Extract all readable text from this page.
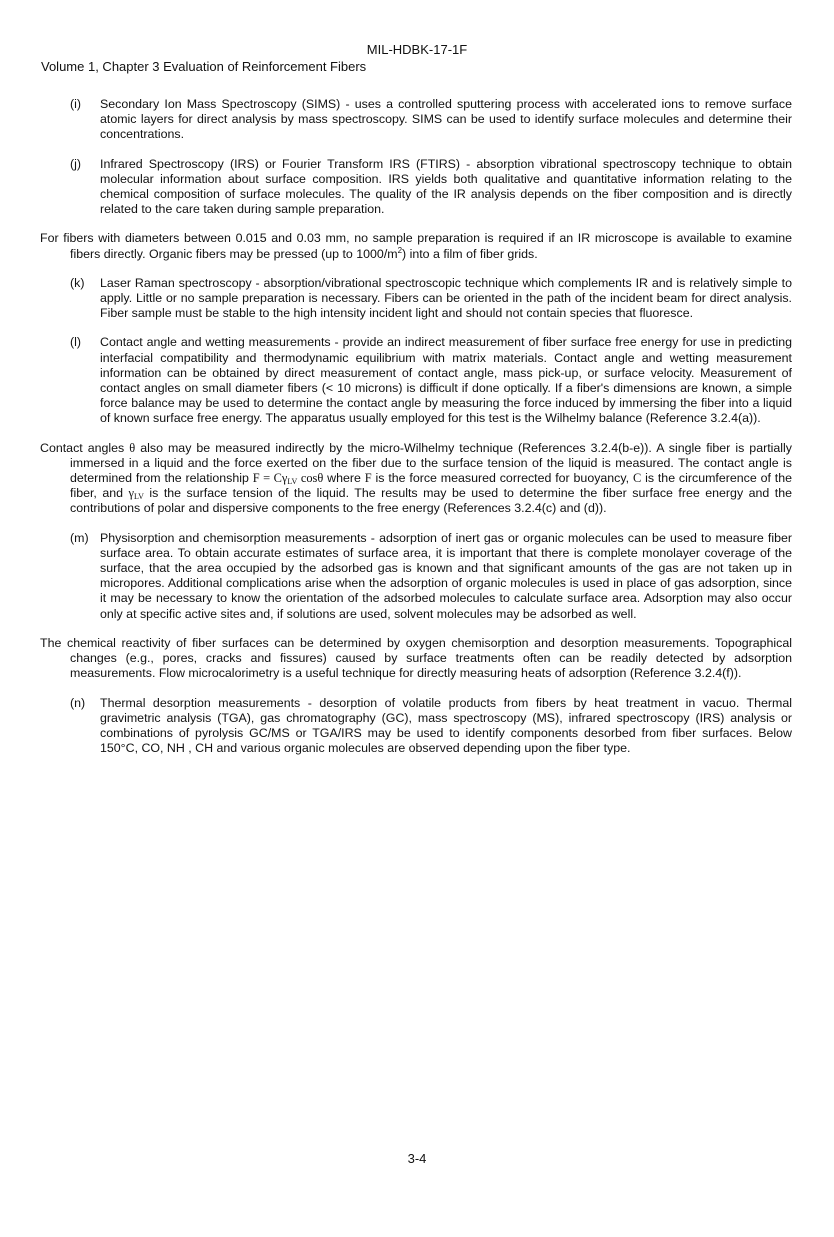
MIL-HDBK-17-1F
Volume 1, Chapter 3 Evaluation of Reinforcement Fibers
(i)	Secondary Ion Mass Spectroscopy (SIMS) - uses a controlled sputtering process with accelerated ions to remove surface atomic layers for direct analysis by mass spectroscopy. SIMS can be used to identify surface molecules and determine their concentrations.
(j)	Infrared Spectroscopy (IRS) or Fourier Transform IRS (FTIRS) - absorption vibrational spectroscopy technique to obtain molecular information about surface composition. IRS yields both qualitative and quantitative information relating to the chemical composition of surface molecules. The quality of the IR analysis depends on the fiber composition and is directly related to the care taken during sample preparation.
For fibers with diameters between 0.015 and 0.03 mm, no sample preparation is required if an IR microscope is available to examine fibers directly. Organic fibers may be pressed (up to $1000/m^2$) into a film of fiber grids.
(k)	Laser Raman spectroscopy - absorption/vibrational spectroscopic technique which complements IR and is relatively simple to apply. Little or no sample preparation is necessary. Fibers can be oriented in the path of the incident beam for direct analysis. Fiber sample must be stable to the high intensity incident light and should not contain species that fluoresce.
(l)	Contact angle and wetting measurements - provide an indirect measurement of fiber surface free energy for use in predicting interfacial compatibility and thermodynamic equilibrium with matrix materials. Contact angle and wetting measurement information can be obtained by direct measurement of contact angle, mass pick-up, or surface velocity. Measurement of contact angles on small diameter fibers (< 10 microns) is difficult if done optically. If a fiber's dimensions are known, a simple force balance may be used to determine the contact angle by measuring the force induced by immersing the fiber into a liquid of known surface free energy. The apparatus usually employed for this test is the Wilhelmy balance (Reference 3.2.4(a)).
Contact angles θ also may be measured indirectly by the micro-Wilhelmy technique (References 3.2.4(b-e)). A single fiber is partially immersed in a liquid and the force exerted on the fiber due to the surface tension of the liquid is measured. The contact angle is determined from the relationship $F = C\gamma_{LV}$ cosθ where F is the force measured corrected for buoyancy, C is the circumference of the fiber, and $\gamma_{LV}$ is the surface tension of the liquid. The results may be used to determine the fiber surface free energy and the contributions of polar and dispersive components to the free energy (References 3.2.4(c) and (d)).
(m) Physisorption and chemisorption measurements - adsorption of inert gas or organic molecules can be used to measure fiber surface area. To obtain accurate estimates of surface area, it is important that there is complete monolayer coverage of the surface, that the area occupied by the adsorbed gas is known and that significant amounts of the gas are not taken up in micropores. Additional complications arise when the adsorption of organic molecules is used in place of gas adsorption, since it may be necessary to know the orientation of the adsorbed molecules to calculate surface area. Adsorption may also occur only at specific active sites and, if solutions are used, solvent molecules may be adsorbed as well.
The chemical reactivity of fiber surfaces can be determined by oxygen chemisorption and desorption measurements. Topographical changes (e.g., pores, cracks and fissures) caused by surface treatments often can be readily detected by adsorption measurements. Flow microcalorimetry is a useful technique for directly measuring heats of adsorption (Reference 3.2.4(f)).
(n)	Thermal desorption measurements - desorption of volatile products from fibers by heat treatment in vacuo. Thermal gravimetric analysis (TGA), gas chromatography (GC), mass spectroscopy (MS), infrared spectroscopy (IRS) analysis or combinations of pyrolysis GC/MS or TGA/IRS may be used to identify components desorbed from fiber surfaces. Below 150°C, CO, NH , CH and various organic molecules are observed depending upon the fiber type.
3-4
